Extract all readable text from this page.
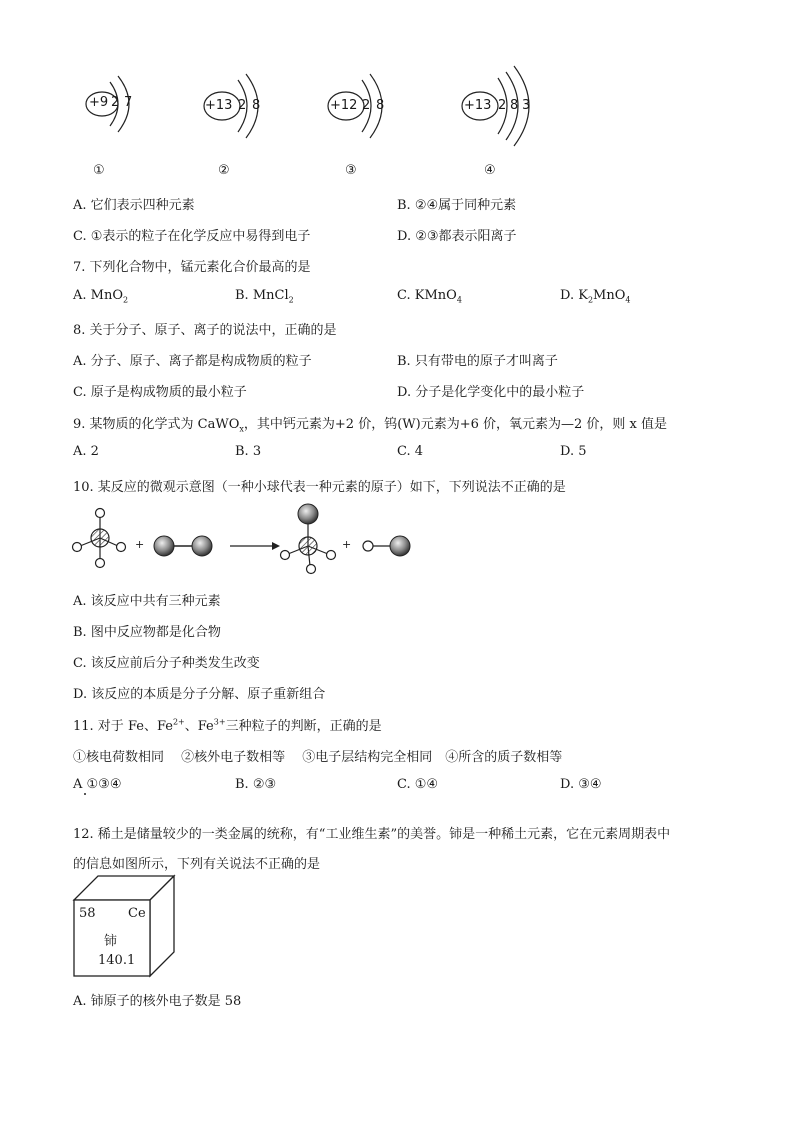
+9 2 7	+13 2 8	+12 2 8	+13 2 8 3
①	②	③	④
A. 它们表示四种元素	B. ②④属于同种元素
C. ①表示的粒子在化学反应中易得到电子	D. ②③都表示阳离子
7. 下列化合物中，锰元素化合价最高的是
A. MnO$_2$	B. MnCl$_2$	C. KMnO$_4$	D. $K_2MnO_4$
8. 关于分子、原子、离子的说法中，正确的是
A. 分子、原子、离子都是构成物质的粒子	B. 只有带电的原子才叫离子
C. 原子是构成物质的最小粒子	D. 分子是化学变化中的最小粒子
9. 某物质的化学式为 CaWO$_x$，其中钙元素为+2 价，钨(W)元素为+6 价，氧元素为—2 价，则 x 值是
A. 2	B. 3	C. 4	D. 5
10. 某反应的微观示意图（一种小球代表一种元素的原子）如下，下列说法不正确的是
+	+
A. 该反应中共有三种元素
B. 图中反应物都是化合物
C. 该反应前后分子种类发生改变
D. 该反应的本质是分子分解、原子重新组合
11. 对于 Fe、$Fe^{2+}$、$Fe^{3+}$三种粒子的判断，正确的是
①核电荷数相同　 ②核外电子数相等　 ③电子层结构完全相同　④所含的质子数相等
A ①③④	B. ②③	C. ①④	D. ③④
12. 稀土是储量较少的一类金属的统称，有“工业维生素”的美誉。铈是一种稀土元素，它在元素周期表中
的信息如图所示，下列有关说法不正确的是
58 Ce
铈
140.1
A. 铈原子的核外电子数是 58
